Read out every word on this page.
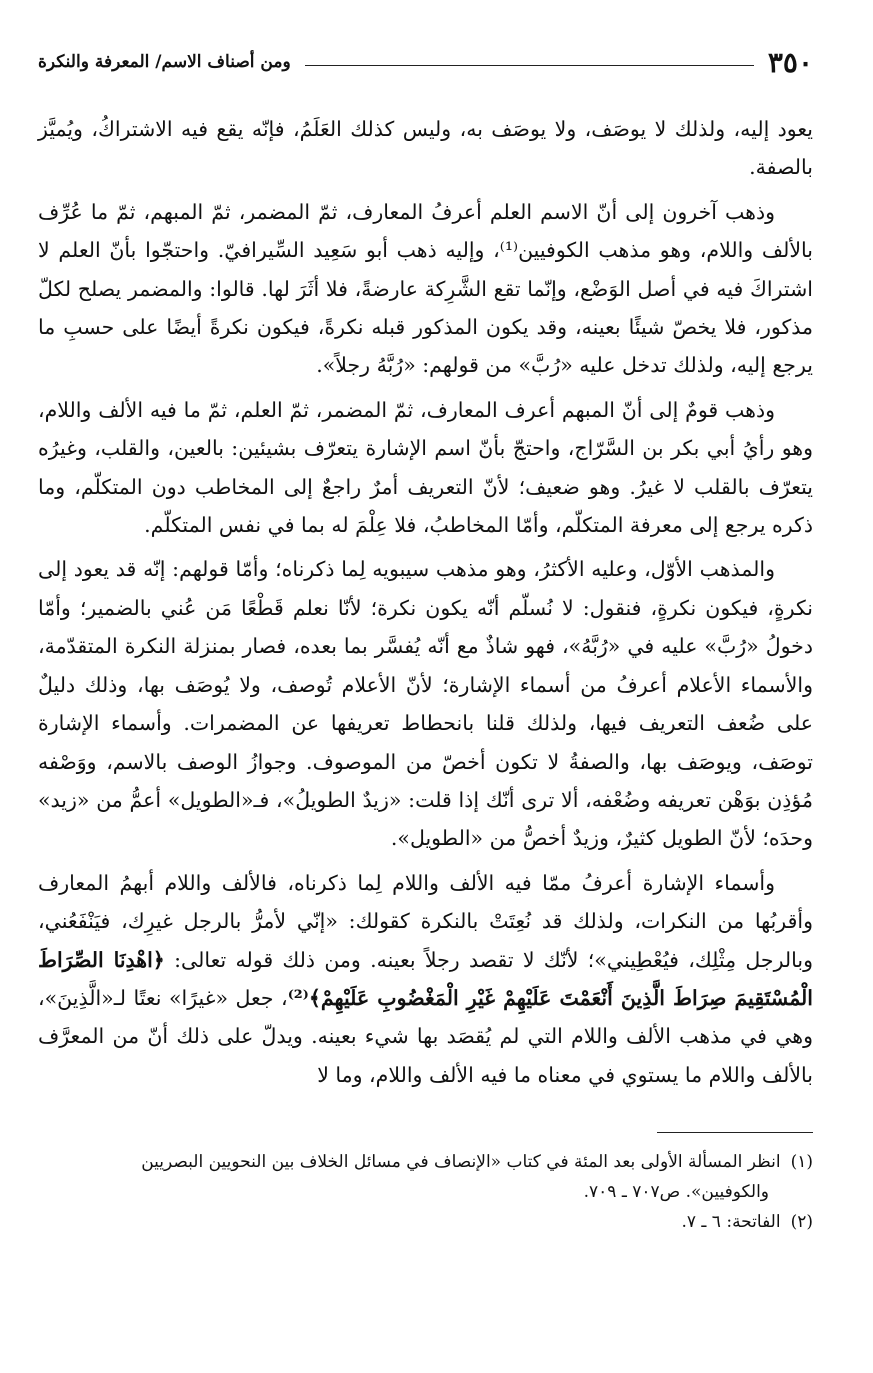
٣٥٠
ومن أصناف الاسم/ المعرفة والنكرة

يعود إليه، ولذلك لا يوصَف، ولا يوصَف به، وليس كذلك العَلَمُ، فإنّه يقع فيه الاشتراكُ، ويُميَّز بالصفة.

وذهب آخرون إلى أنّ الاسم العلم أعرفُ المعارف، ثمّ المضمر، ثمّ المبهم، ثمّ ما عُرِّف بالألف واللام، وهو مذهب الكوفيين⁽¹⁾، وإليه ذهب أبو سَعِيد السِّيرافيّ. واحتجّوا بأنّ العلم لا اشتراكَ فيه في أصل الوَضْع، وإنّما تقع الشَّرِكة عارضةً، فلا أثَرَ لها. قالوا: والمضمر يصلح لكلّ مذكور، فلا يخصّ شيئًا بعينه، وقد يكون المذكور قبله نكرةً، فيكون نكرةً أيضًا على حسبِ ما يرجع إليه، ولذلك تدخل عليه «رُبَّ» من قولهم: «رُبَّهُ رجلاً».

وذهب قومٌ إلى أنّ المبهم أعرف المعارف، ثمّ المضمر، ثمّ العلم، ثمّ ما فيه الألف واللام، وهو رأيُ أبي بكر بن السَّرّاج، واحتجّ بأنّ اسم الإشارة يتعرّف بشيئين: بالعين، والقلب، وغيرُه يتعرّف بالقلب لا غيرُ. وهو ضعيف؛ لأنّ التعريف أمرٌ راجعٌ إلى المخاطب دون المتكلّم، وما ذكره يرجع إلى معرفة المتكلّم، وأمّا المخاطبُ، فلا عِلْمَ له بما في نفس المتكلّم.

والمذهب الأوّل، وعليه الأكثرُ، وهو مذهب سيبويه لِما ذكرناه؛ وأمّا قولهم: إنّه قد يعود إلى نكرةٍ، فيكون نكرةٍ، فنقول: لا نُسلّم أنّه يكون نكرة؛ لأنّا نعلم قَطْعًا مَن عُني بالضمير؛ وأمّا دخولُ «رُبَّ» عليه في «رُبَّهُ»، فهو شاذٌ مع أنّه يُفسَّر بما بعده، فصار بمنزلة النكرة المتقدّمة، والأسماء الأعلام أعرفُ من أسماء الإشارة؛ لأنّ الأعلام تُوصف، ولا يُوصَف بها، وذلك دليلٌ على ضُعف التعريف فيها، ولذلك قلنا بانحطاط تعريفها عن المضمرات. وأسماء الإشارة توصَف، ويوصَف بها، والصفةُ لا تكون أخصّ من الموصوف. وجوازُ الوصف بالاسم، ووَصْفه مُؤذِن بوَهْن تعريفه وضُعْفه، ألا ترى أنّك إذا قلت: «زيدٌ الطويلُ»، فـ«الطويل» أعمُّ من «زيد» وحدَه؛ لأنّ الطويل كثيرٌ، وزيدٌ أخصُّ من «الطويل».

وأسماء الإشارة أعرفُ ممّا فيه الألف واللام لِما ذكرناه، فالألف واللام أبهمُ المعارف وأقربُها من النكرات، ولذلك قد نُعِتَتْ بالنكرة كقولك: «إنّي لأمرُّ بالرجل غيرِك، فيَنْفَعُني، وبالرجل مِثْلِك، فيُعْطِيني»؛ لأنّك لا تقصد رجلاً بعينه. ومن ذلك قوله تعالى: ﴿اهْدِنَا الصِّرَاطَ الْمُسْتَقِيمَ صِرَاطَ الَّذِينَ أَنْعَمْتَ عَلَيْهِمْ غَيْرِ الْمَغْضُوبِ عَلَيْهِمْ﴾⁽²⁾، جعل «غيرًا» نعتًا لـ«الَّذِينَ»، وهي في مذهب الألف واللام التي لم يُقصَد بها شيء بعينه. ويدلّ على ذلك أنّ من المعرَّف بالألف واللام ما يستوي في معناه ما فيه الألف واللام، وما لا

(١)انظر المسألة الأولى بعد المئة في كتاب «الإنصاف في مسائل الخلاف بين النحويين البصريين

والكوفيين». ص٧٠٧ ـ ٧٠٩.

(٢)الفاتحة: ٦ ـ ٧.
